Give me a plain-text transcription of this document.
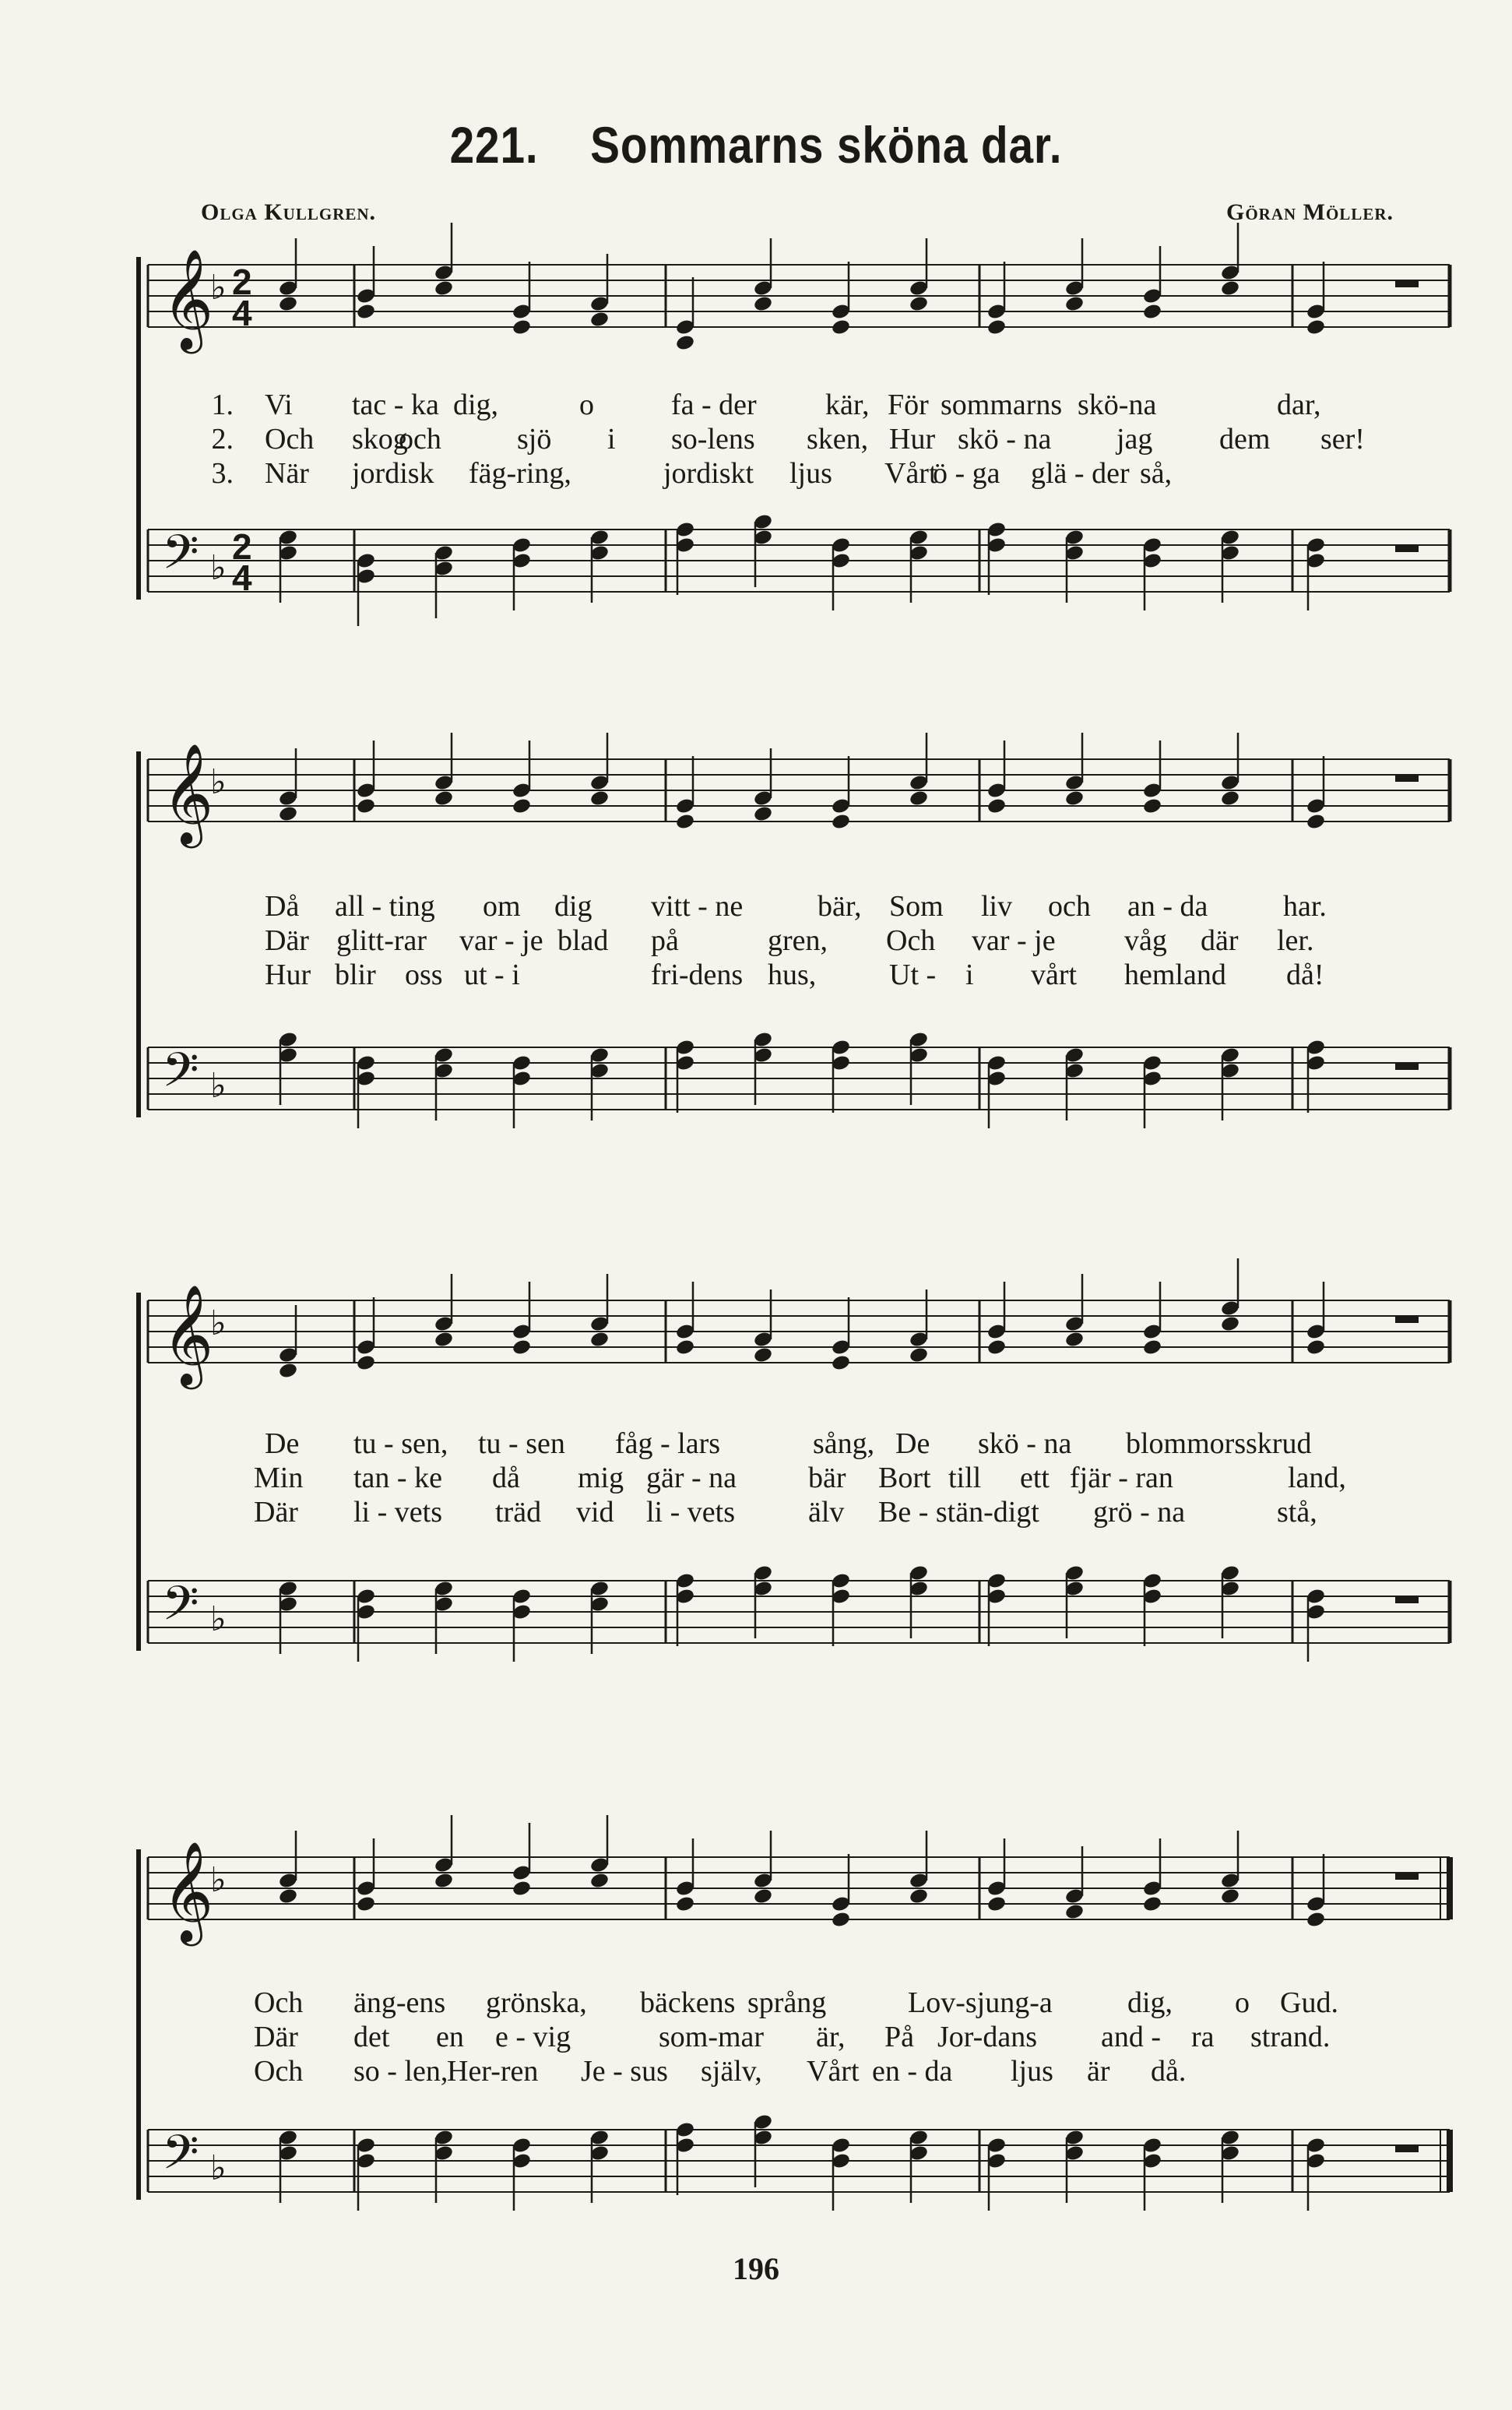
221. Sommarns sköna dar.
Olga Kullgren.	Göran Möller.
𝄞
♭ 2
4
𝄢 ♭
2
4
1. Vi tac - ka dig,	o	fa - der kär, För sommarns skö-na	dar,
2. Och skog
och	sjö i so-lens sken, Hur skö - na jag dem ser!
3. När jordisk fäg-ring,	jordiskt ljus Vårt
ö - ga glä - der så,
𝄞
♭
𝄢 ♭
Då all - ting om dig vitt - ne	bär, Som liv och an - da	har.
Där glitt-rar var - je blad på	gren, Och var - je våg där ler.
Hur blir oss ut - i	fri-dens hus, Ut - i vårt hemland då!
𝄞
♭
𝄢 ♭
De tu - sen, tu - sen fåg - lars	sång, De skö - na blommors skrud
Min tan - ke då mig gär - na bär Bort till ett fjär - ran	land,
Där li - vets träd vid li - vets älv Be - stän-digt grö - na	stå,
𝄞
♭
𝄢 ♭
Och äng-ens grönska, bäckens språng	Lov-sjung-a	dig, o Gud.
Där det en e - vig	som-mar är, På Jor-dans and - ra strand.
Och so - len,
Her-ren Je - sus själv, Vårt en - da ljus är då.
196
